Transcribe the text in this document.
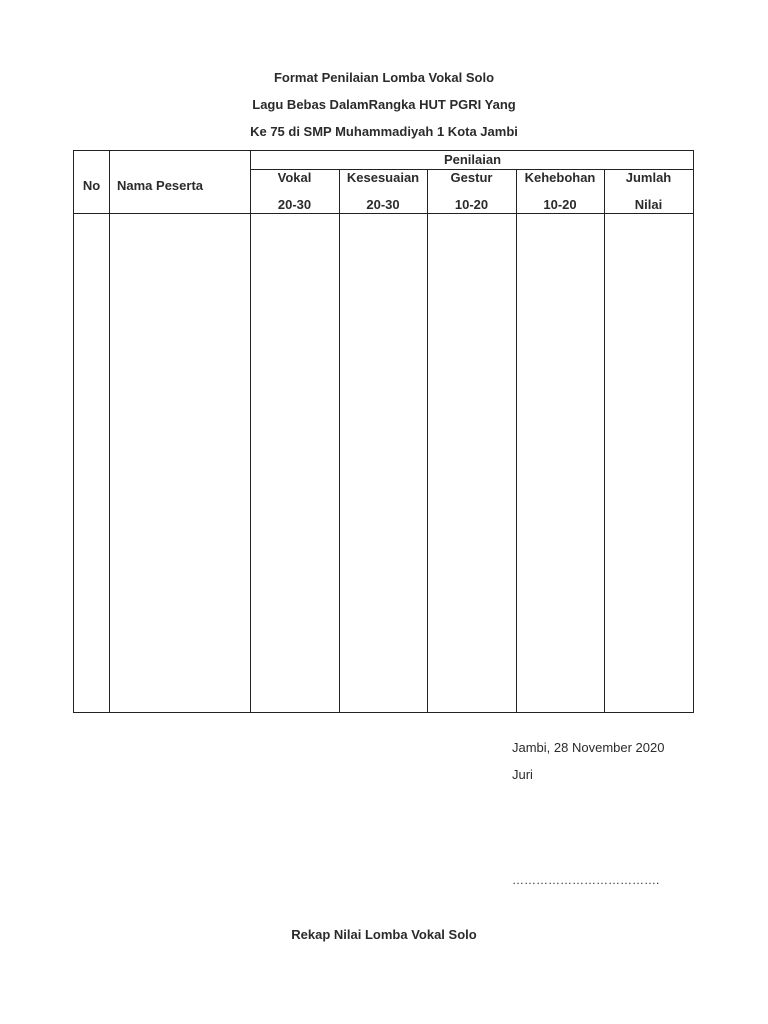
Format Penilaian Lomba Vokal Solo
Lagu Bebas DalamRangka HUT PGRI Yang
Ke 75 di SMP Muhammadiyah 1 Kota Jambi
No	Nama Peserta
Penilaian
Vokal
20-30
Kesesuaian
20-30
Gestur
10-20
Kehebohan
10-20
Jumlah
Nilai
Jambi, 28 November 2020
Juri
……………………………….
Rekap Nilai Lomba Vokal Solo
